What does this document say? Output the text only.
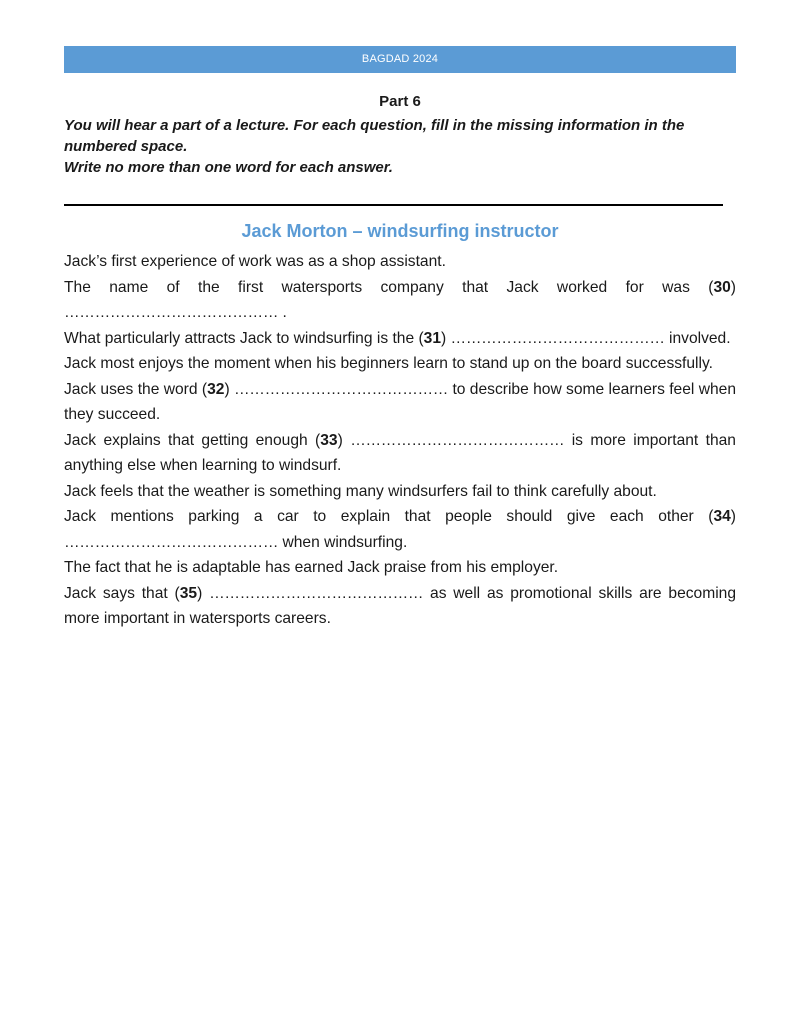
BAGDAD 2024
Part 6

You will hear a part of a lecture. For each question, fill in the missing information in the numbered space.

Write no more than one word for each answer.

Jack Morton – windsurfing instructor

Jack’s first experience of work was as a shop assistant.

The name of the first watersports company that Jack worked for was (30) …………………………………… .

What particularly attracts Jack to windsurfing is the (31) …………………………………… involved.

Jack most enjoys the moment when his beginners learn to stand up on the board successfully.

Jack uses the word (32) …………………………………… to describe how some learners feel when they succeed.

Jack explains that getting enough (33) …………………………………… is more important than anything else when learning to windsurf.

Jack feels that the weather is something many windsurfers fail to think carefully about.

Jack mentions parking a car to explain that people should give each other (34) …………………………………… when windsurfing.

The fact that he is adaptable has earned Jack praise from his employer.

Jack says that (35) …………………………………… as well as promotional skills are becoming more important in watersports careers.
